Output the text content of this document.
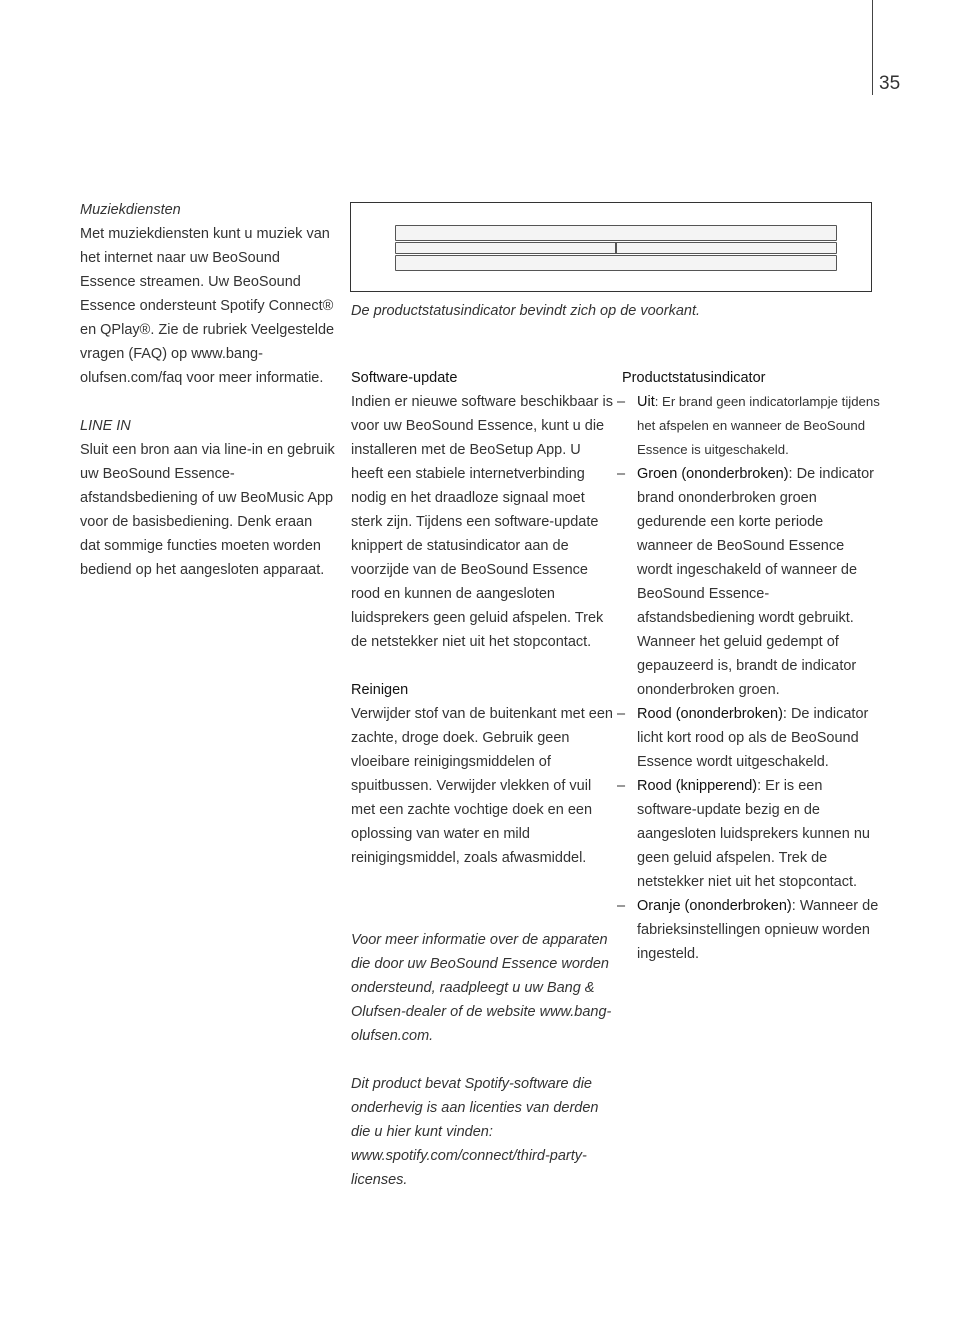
35

Muziekdiensten

Met muziekdiensten kunt u muziek van het internet naar uw BeoSound Essence streamen. Uw BeoSound Essence ondersteunt Spotify Connect® en QPlay®. Zie de rubriek Veelgestelde vragen (FAQ) op www.bang-olufsen.com/faq voor meer informatie.

LINE IN

Sluit een bron aan via line-in en gebruik uw BeoSound Essence-afstandsbediening of uw BeoMusic App voor de basisbediening. Denk eraan dat sommige functies moeten worden bediend op het aangesloten apparaat.

De productstatusindicator bevindt zich op de voorkant.

Software-update

Indien er nieuwe software beschikbaar is voor uw BeoSound Essence, kunt u die installeren met de BeoSetup App. U heeft een stabiele internetverbinding nodig en het draadloze signaal moet sterk zijn. Tijdens een software-update knippert de statusindicator aan de voorzijde van de BeoSound Essence rood en kunnen de aangesloten luidsprekers geen geluid afspelen. Trek de netstekker niet uit het stopcontact.

Reinigen

Verwijder stof van de buitenkant met een zachte, droge doek. Gebruik geen vloeibare reinigingsmiddelen of spuitbussen. Verwijder vlekken of vuil met een zachte vochtige doek en een oplossing van water en mild reinigingsmiddel, zoals afwasmiddel.

Voor meer informatie over de apparaten die door uw BeoSound Essence worden ondersteund, raadpleegt u uw Bang & Olufsen-dealer of de website www.bang-olufsen.com.

Dit product bevat Spotify-software die onderhevig is aan licenties van derden die u hier kunt vinden: www.spotify.com/connect/third-party-licenses.

Productstatusindicator

– Uit: Er brand geen indicatorlampje tijdens het afspelen en wanneer de BeoSound Essence is uitgeschakeld.
– Groen (ononderbroken): De indicator brand ononderbroken groen gedurende een korte periode wanneer de BeoSound Essence wordt ingeschakeld of wanneer de BeoSound Essence-afstandsbediening wordt gebruikt. Wanneer het geluid gedempt of gepauzeerd is, brandt de indicator ononderbroken groen.
– Rood (ononderbroken): De indicator licht kort rood op als de BeoSound Essence wordt uitgeschakeld.
– Rood (knipperend): Er is een software-update bezig en de aangesloten luidsprekers kunnen nu geen geluid afspelen. Trek de netstekker niet uit het stopcontact.
– Oranje (ononderbroken): Wanneer de fabrieksinstellingen opnieuw worden ingesteld.
